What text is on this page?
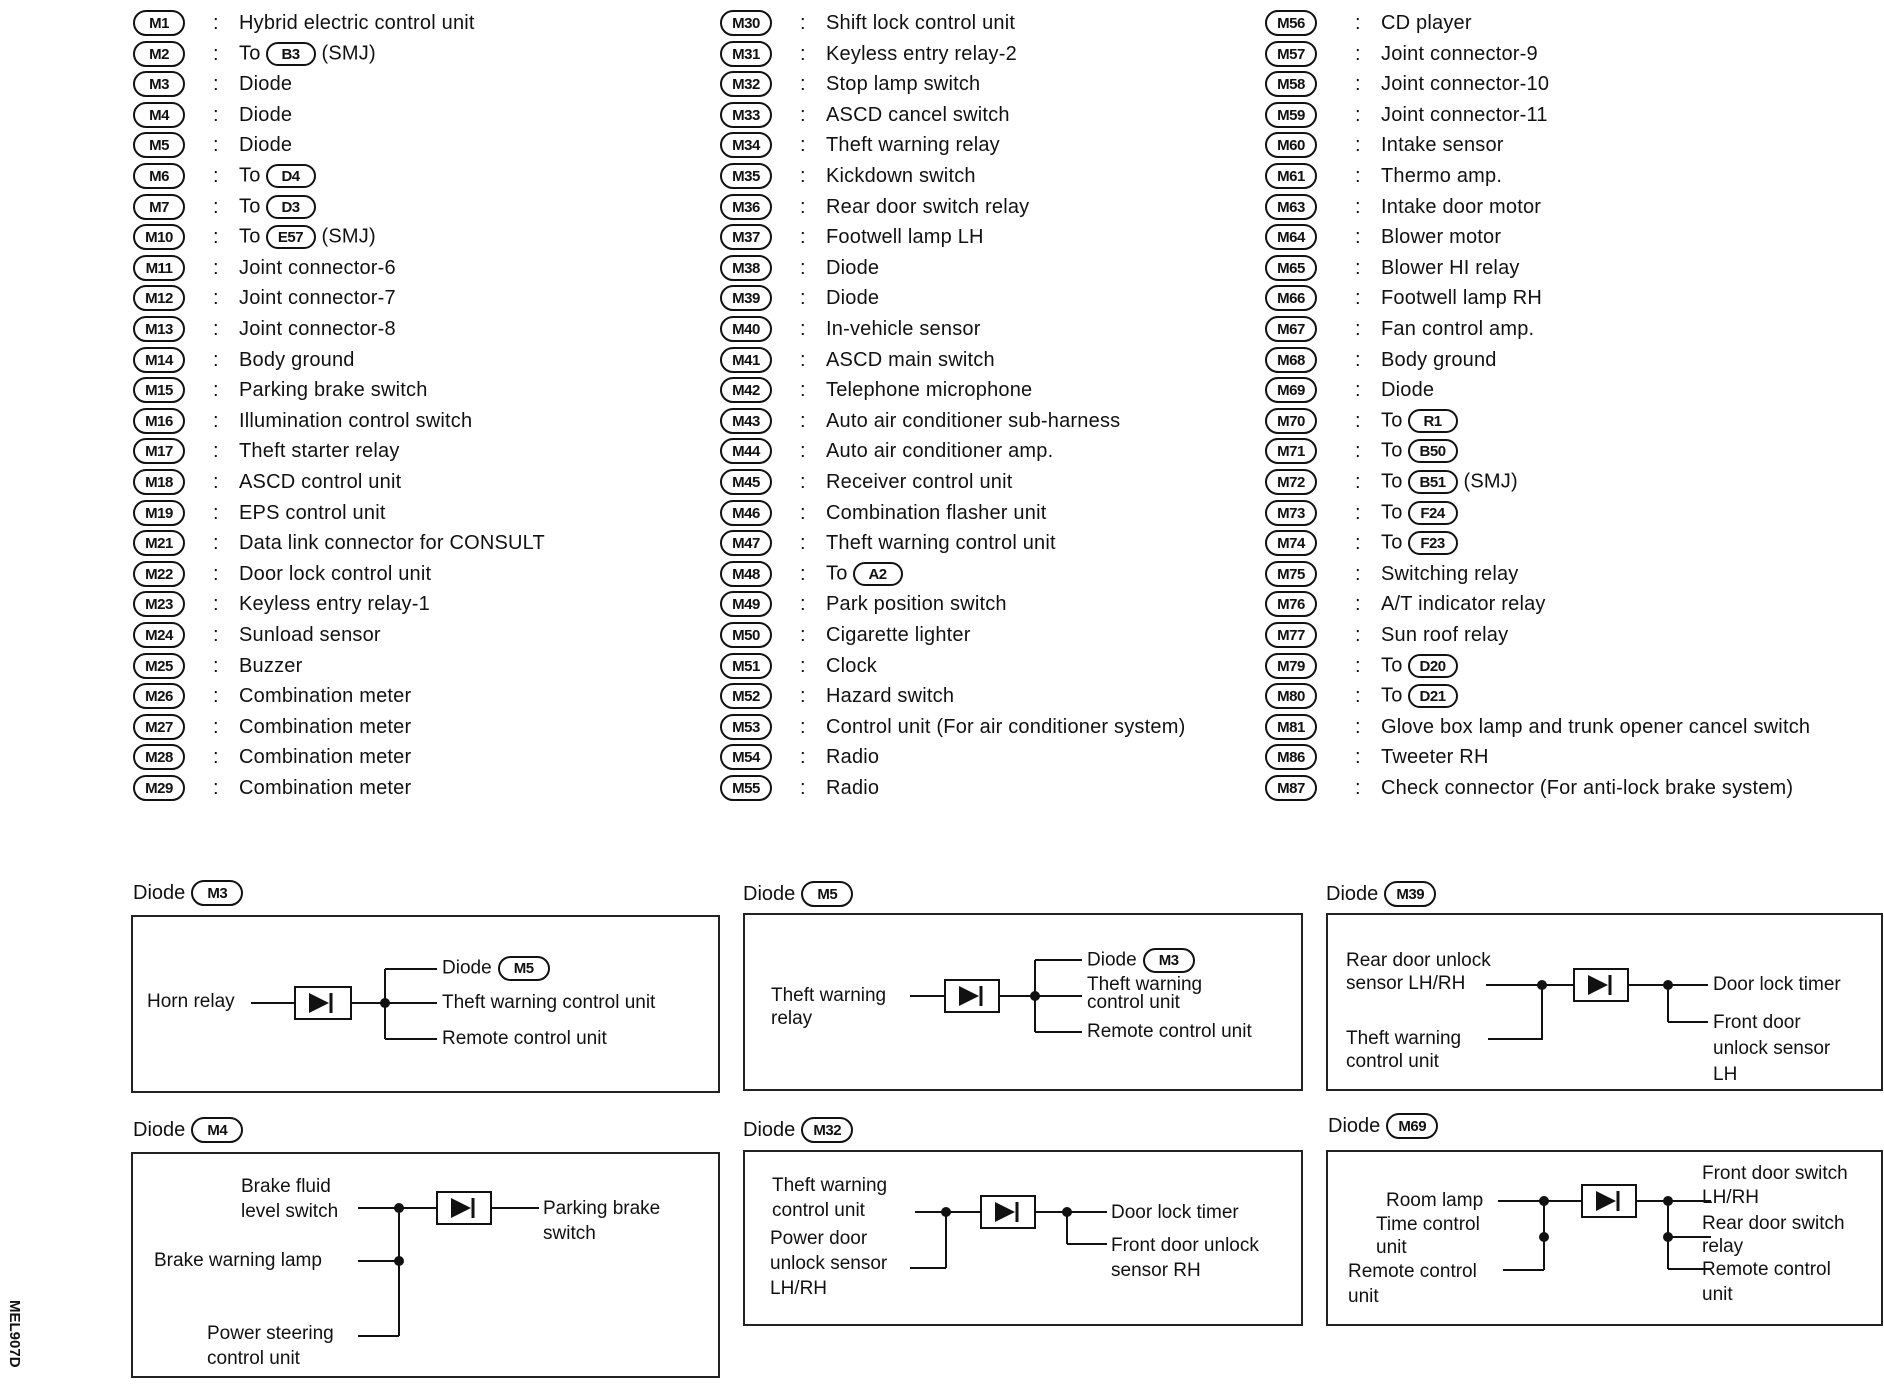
M1	: Hybrid electric control unit
M2	: To B3 (SMJ)
M3	: Diode
M4	: Diode
M5	: Diode
M6	: To D4
M7	: To D3
M10	: To E57 (SMJ)
M11	: Joint connector-6
M12	: Joint connector-7
M13	: Joint connector-8
M14	: Body ground
M15	: Parking brake switch
M16	: Illumination control switch
M17	: Theft starter relay
M18	: ASCD control unit
M19	: EPS control unit
M21	: Data link connector for CONSULT
M22	: Door lock control unit
M23	: Keyless entry relay-1
M24	: Sunload sensor
M25	: Buzzer
M26	: Combination meter
M27	: Combination meter
M28	: Combination meter
M29	: Combination meter
M30	: Shift lock control unit
M31	: Keyless entry relay-2
M32	: Stop lamp switch
M33	: ASCD cancel switch
M34	: Theft warning relay
M35	: Kickdown switch
M36	: Rear door switch relay
M37	: Footwell lamp LH
M38	: Diode
M39	: Diode
M40	: In-vehicle sensor
M41	: ASCD main switch
M42	: Telephone microphone
M43	: Auto air conditioner sub-harness
M44	: Auto air conditioner amp.
M45	: Receiver control unit
M46	: Combination flasher unit
M47	: Theft warning control unit
M48	: To A2
M49	: Park position switch
M50	: Cigarette lighter
M51	: Clock
M52	: Hazard switch
M53	: Control unit (For air conditioner system)
M54	: Radio
M55	: Radio
M56	: CD player
M57	: Joint connector-9
M58	: Joint connector-10
M59	: Joint connector-11
M60	: Intake sensor
M61	: Thermo amp.
M63	: Intake door motor
M64	: Blower motor
M65	: Blower HI relay
M66	: Footwell lamp RH
M67	: Fan control amp.
M68	: Body ground
M69	: Diode
M70	: To R1
M71	: To B50
M72	: To B51 (SMJ)
M73	: To F24
M74	: To F23
M75	: Switching relay
M76	: A/T indicator relay
M77	: Sun roof relay
M79	: To D20
M80	: To D21
M81	: Glove box lamp and trunk opener cancel switch
M86	: Tweeter RH
M87	: Check connector (For anti-lock brake system)
Diode	M3
Horn relay
Diode M5
Theft warning control unit
Remote control unit
Diode	M5
Theft warning
relay
Diode M3
Theft warning
control unit
Remote control unit
Diode	M39
Rear door unlock
sensor LH/RH
Theft warning
control unit
Door lock timer
Front door
unlock sensor
LH
Diode	M4
Brake fluid
level switch
Brake warning lamp
Power steering
control unit
Parking brake
switch
Diode	M32
Theft warning
control unit
Power door
unlock sensor
LH/RH
Door lock timer
Front door unlock
sensor RH
Diode	M69
Room lamp
Time control
unit
Remote control
unit
Front door switch
LH/RH
Rear door switch
relay
Remote control
unit
MEL907D
